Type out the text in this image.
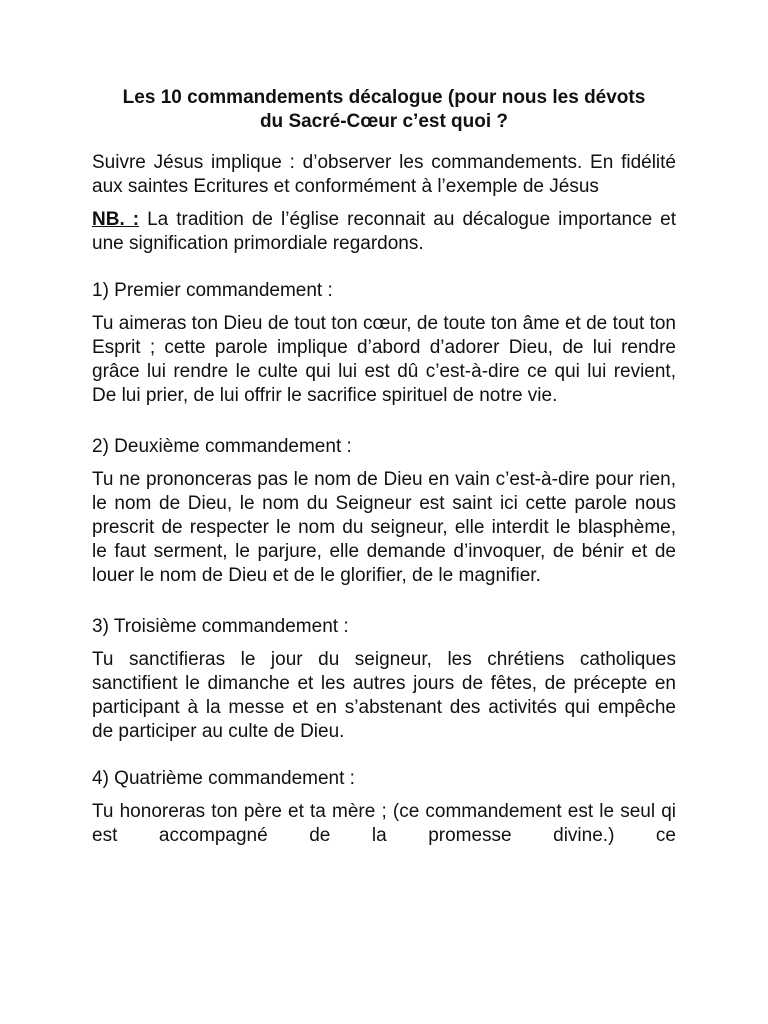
Les 10 commandements décalogue (pour nous les dévots
du Sacré-Cœur c’est quoi ?

Suivre Jésus implique : d’observer les commandements. En fidélité aux saintes Ecritures et conformément à l’exemple de Jésus

NB. : La tradition de l’église reconnait au décalogue importance et une signification primordiale regardons.

1) Premier commandement :

Tu aimeras ton Dieu de tout ton cœur, de toute ton âme et de tout ton Esprit ; cette parole implique d’abord d’adorer Dieu, de lui rendre grâce lui rendre le culte qui lui est dû c’est-à-dire ce qui lui revient, De lui prier, de lui offrir le sacrifice spirituel de notre vie.

2) Deuxième commandement :

Tu ne prononceras pas le nom de Dieu en vain c’est-à-dire pour rien, le nom de Dieu, le nom du Seigneur est saint ici cette parole nous prescrit de respecter le nom du seigneur, elle interdit le blasphème, le faut serment, le parjure, elle demande d’invoquer, de bénir et de louer le nom de Dieu et de le glorifier, de le magnifier.

3) Troisième commandement :

Tu sanctifieras le jour du seigneur, les chrétiens catholiques sanctifient le dimanche et les autres jours de fêtes, de précepte en participant à la messe et en s’abstenant des activités qui empêche de participer au culte de Dieu.

4) Quatrième commandement :

Tu honoreras ton père et ta mère ; (ce commandement est le seul qi est accompagné de la promesse divine.) ce
